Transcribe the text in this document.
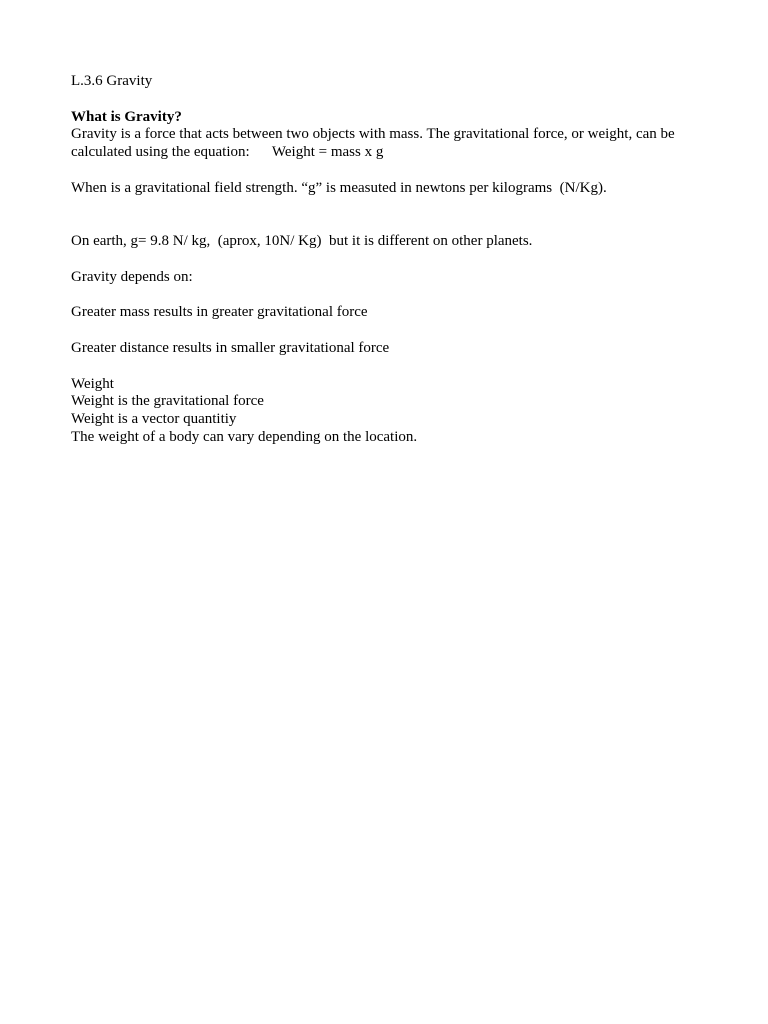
L.3.6 Gravity

What is Gravity?

Gravity is a force that acts between two objects with mass. The gravitational force, or weight, can be

calculated using the equation:      Weight = mass x g

When is a gravitational field strength. “g” is measuted in newtons per kilograms  (N/Kg).

On earth, g= 9.8 N/ kg,  (aprox, 10N/ Kg)  but it is different on other planets.

Gravity depends on:

Greater mass results in greater gravitational force

Greater distance results in smaller gravitational force

Weight

Weight is the gravitational force

Weight is a vector quantitiy

The weight of a body can vary depending on the location.
